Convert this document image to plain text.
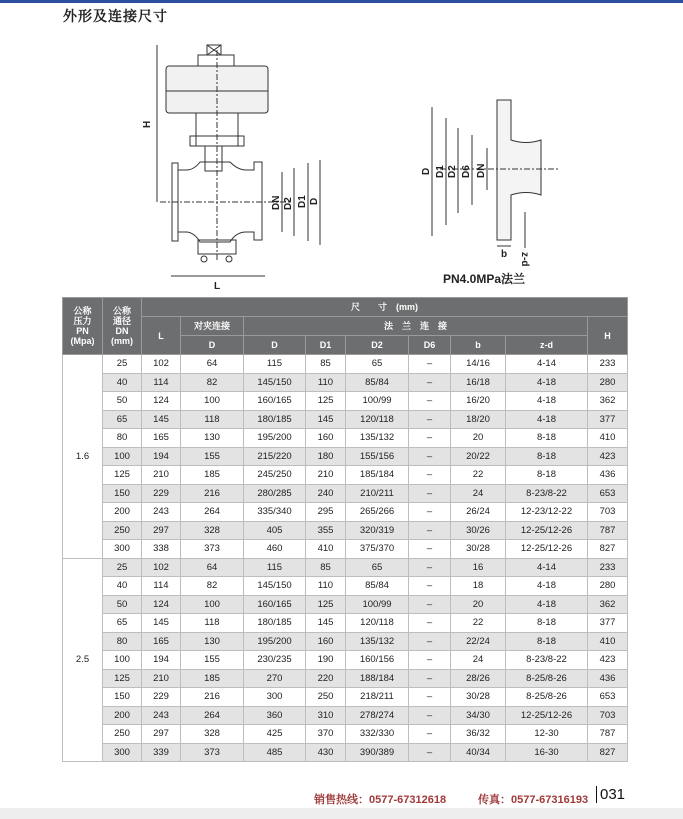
外形及连接尺寸
H
L
DN D2 D1 D
D D1 D2 D6 DN
b z-d
PN4.0MPa法兰
公称
压力
PN
(Mpa)	公称
通径
DN
(mm)	尺　　寸　(mm)								
		L	对夹连接	法　兰　连　接						H
			D	D	D1	D2	D6	b	z-d	
1.6	25	102	64	115	85	65	–	14/16	4-14	233
	40	114	82	145/150	110	85/84	–	16/18	4-18	280
	50	124	100	160/165	125	100/99	–	16/20	4-18	362
	65	145	118	180/185	145	120/118	–	18/20	4-18	377
	80	165	130	195/200	160	135/132	–	20	8-18	410
	100	194	155	215/220	180	155/156	–	20/22	8-18	423
	125	210	185	245/250	210	185/184	–	22	8-18	436
	150	229	216	280/285	240	210/211	–	24	8-23/8-22	653
	200	243	264	335/340	295	265/266	–	26/24	12-23/12-22	703
	250	297	328	405	355	320/319	–	30/26	12-25/12-26	787
	300	338	373	460	410	375/370	–	30/28	12-25/12-26	827
2.5	25	102	64	115	85	65	–	16	4-14	233
	40	114	82	145/150	110	85/84	–	18	4-18	280
	50	124	100	160/165	125	100/99	–	20	4-18	362
	65	145	118	180/185	145	120/118	–	22	8-18	377
	80	165	130	195/200	160	135/132	–	22/24	8-18	410
	100	194	155	230/235	190	160/156	–	24	8-23/8-22	423
	125	210	185	270	220	188/184	–	28/26	8-25/8-26	436
	150	229	216	300	250	218/211	–	30/28	8-25/8-26	653
	200	243	264	360	310	278/274	–	34/30	12-25/12-26	703
	250	297	328	425	370	332/330	–	36/32	12-30	787
	300	339	373	485	430	390/389	–	40/34	16-30	827
销售热线：0577-67312618	传真：0577-67316193 031
